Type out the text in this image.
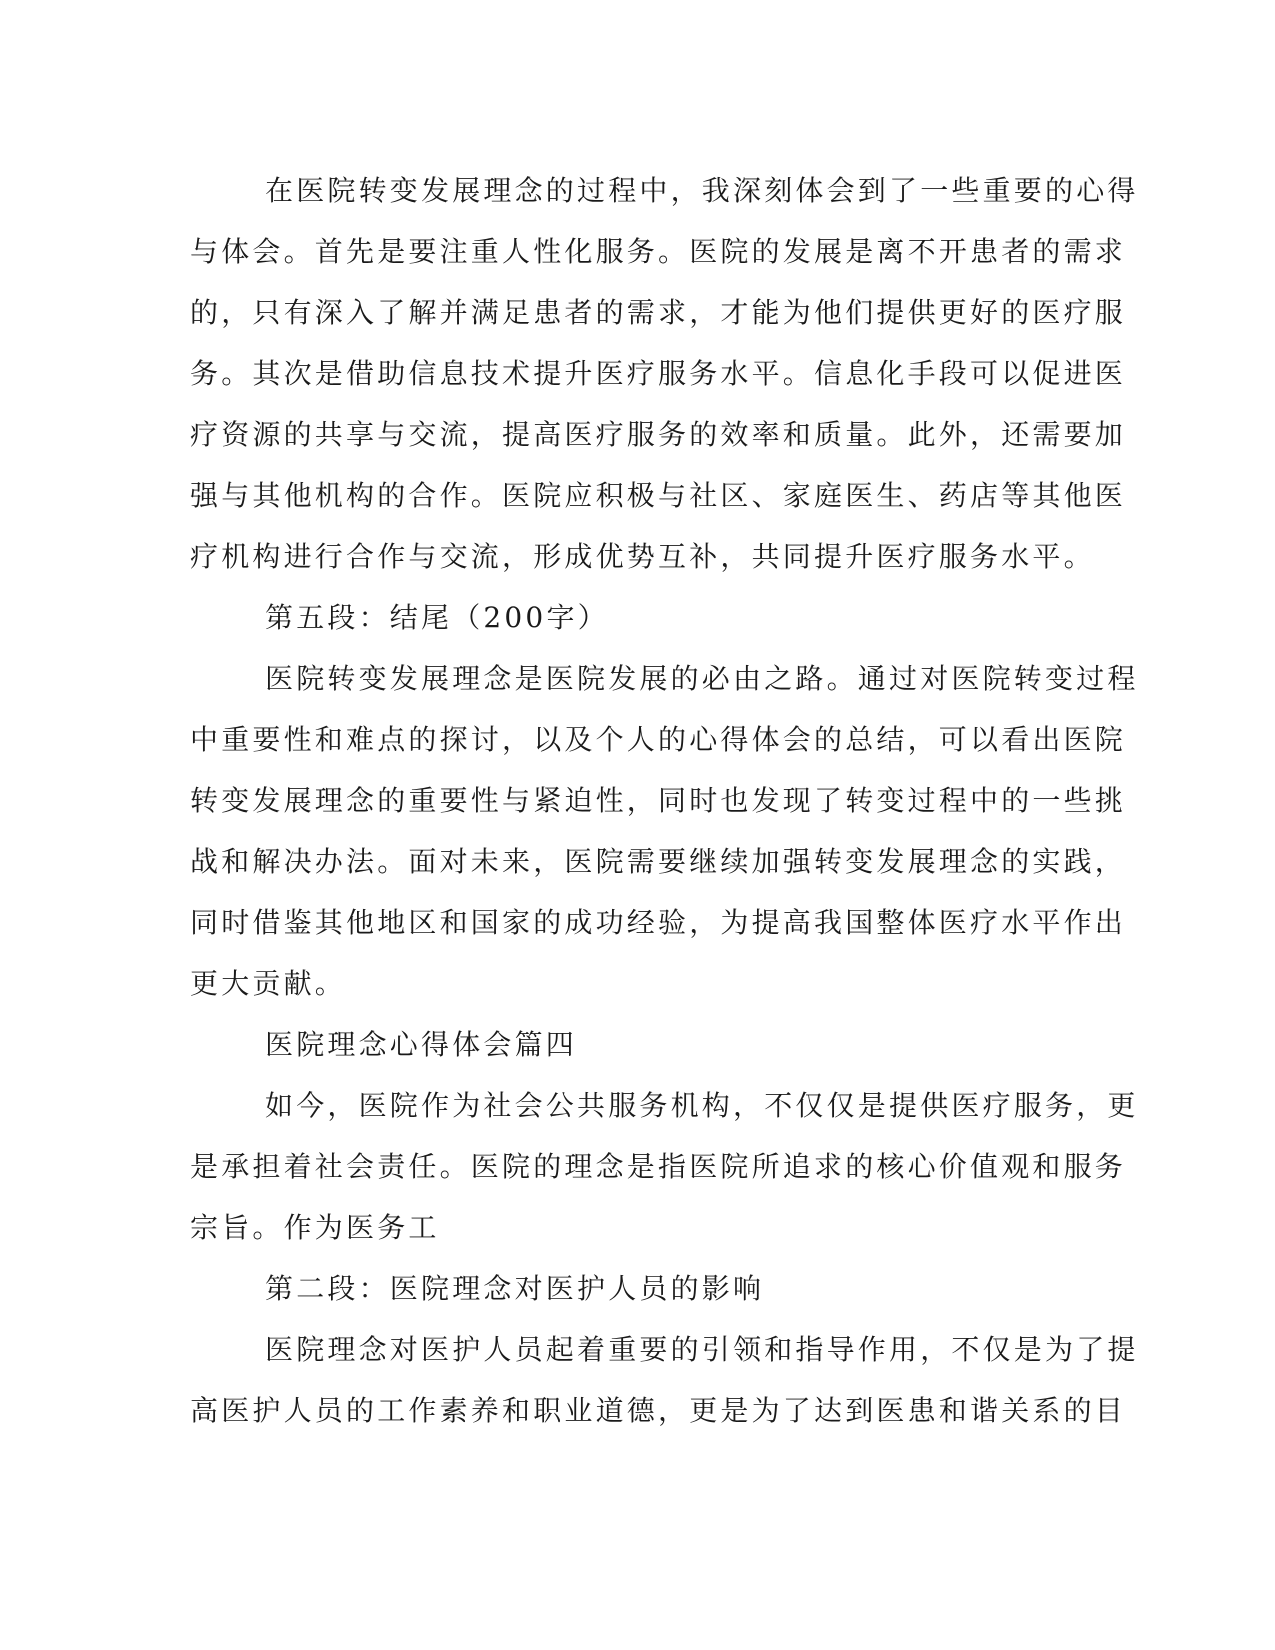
在医院转变发展理念的过程中，我深刻体会到了一些重要的心得
与体会。首先是要注重人性化服务。医院的发展是离不开患者的需求
的，只有深入了解并满足患者的需求，才能为他们提供更好的医疗服
务。其次是借助信息技术提升医疗服务水平。信息化手段可以促进医
疗资源的共享与交流，提高医疗服务的效率和质量。此外，还需要加
强与其他机构的合作。医院应积极与社区、家庭医生、药店等其他医
疗机构进行合作与交流，形成优势互补，共同提升医疗服务水平。
第五段：结尾（200字）
医院转变发展理念是医院发展的必由之路。通过对医院转变过程
中重要性和难点的探讨，以及个人的心得体会的总结，可以看出医院
转变发展理念的重要性与紧迫性，同时也发现了转变过程中的一些挑
战和解决办法。面对未来，医院需要继续加强转变发展理念的实践，
同时借鉴其他地区和国家的成功经验，为提高我国整体医疗水平作出
更大贡献。
医院理念心得体会篇四
如今，医院作为社会公共服务机构，不仅仅是提供医疗服务，更
是承担着社会责任。医院的理念是指医院所追求的核心价值观和服务
宗旨。作为医务工
第二段：医院理念对医护人员的影响
医院理念对医护人员起着重要的引领和指导作用，不仅是为了提
高医护人员的工作素养和职业道德，更是为了达到医患和谐关系的目
